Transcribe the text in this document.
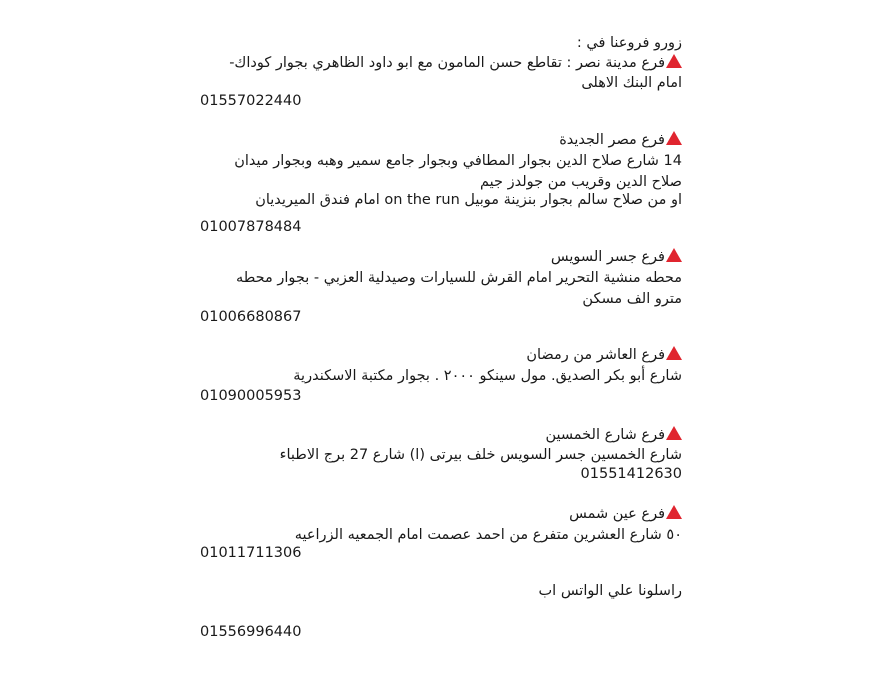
زورو فروعنا في :
فرع مدينة نصر : تقاطع حسن المامون مع ابو داود الظاهري بجوار كوداك-
امام البنك الاهلى
01557022440
فرع مصر الجديدة
14 شارع صلاح الدين بجوار المطافي وبجوار جامع سمير وهبه وبجوار ميدان
صلاح الدين وقريب من جولدز جيم
او من صلاح سالم بجوار بنزينة موبيل on the run امام فندق الميريديان
01007878484
فرع جسر السويس
محطه منشية التحرير امام القرش للسيارات وصيدلية العزبي - بجوار محطه
مترو الف مسكن
01006680867
فرع العاشر من رمضان
شارع أبو بكر الصديق. مول سينكو ٢٠٠٠ . بجوار مكتبة الاسكندرية
01090005953
فرع شارع الخمسين
شارع الخمسين جسر السويس خلف بيرتى (ا) شارع 27 برج الاطباء
01551412630
فرع عين شمس
٥٠ شارع العشرين متفرع من احمد عصمت امام الجمعيه الزراعيه
01011711306
راسلونا علي الواتس اب
01556996440
